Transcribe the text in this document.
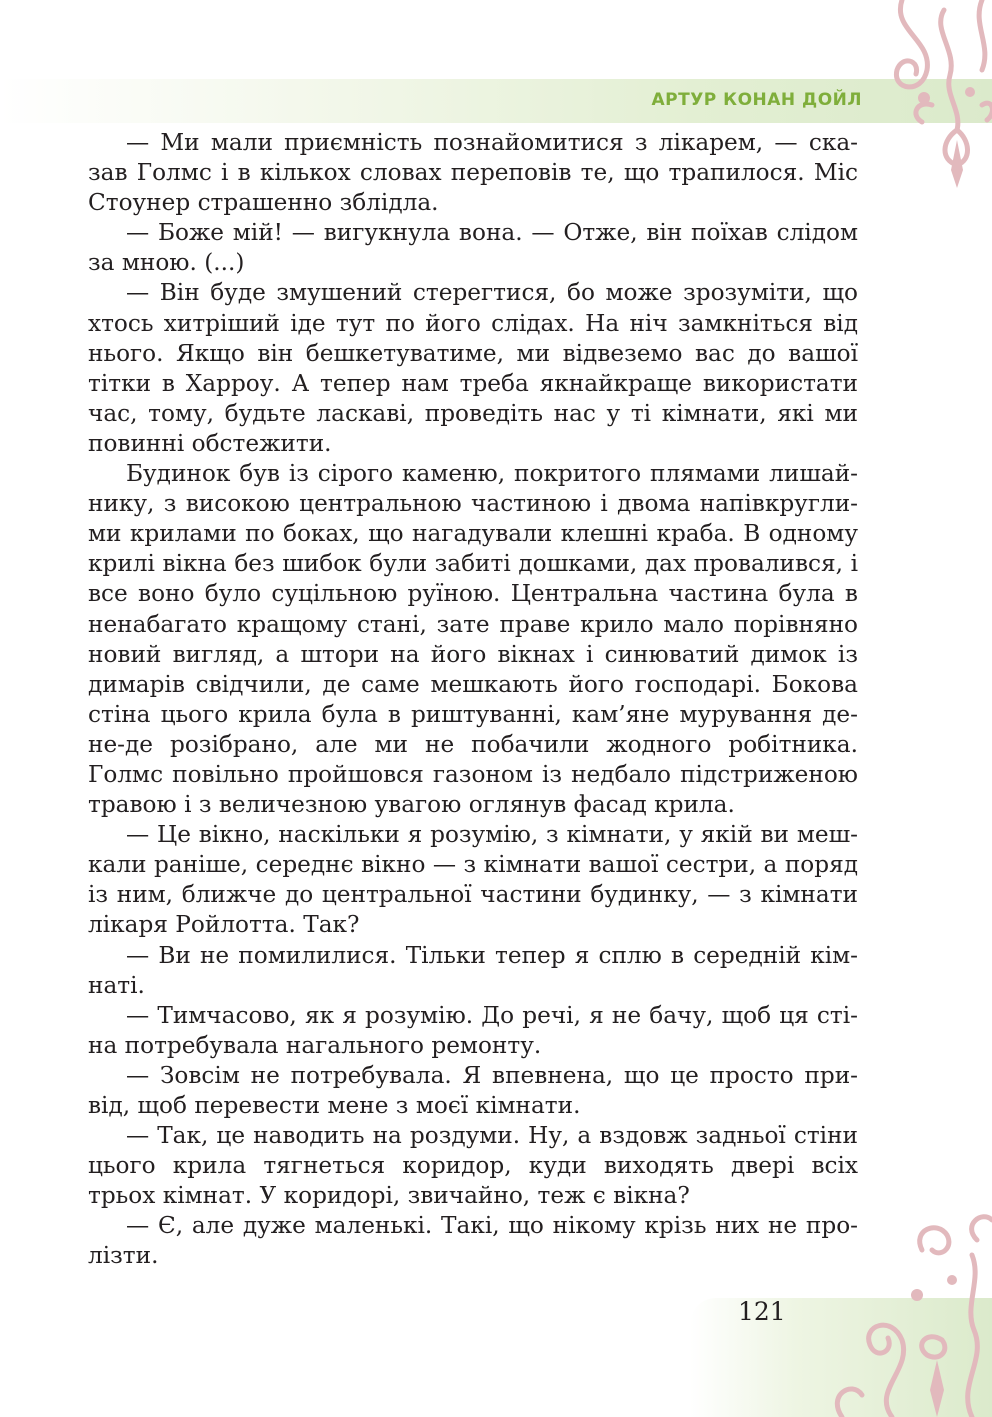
АРТУР КОНАН ДОЙЛ
121

— Ми мали приємність познайомитися з лікарем, — сказав Голмс і в кількох словах переповів те, що трапилося. Міс Стоунер страшенно зблідла.

— Боже мій! — вигукнула вона. — Отже, він поїхав слідом за мною. (...)

— Він буде змушений стерегтися, бо може зрозуміти, що хтось хитріший іде тут по його слідах. На ніч замкніться від нього. Якщо він бешкетуватиме, ми відвеземо вас до вашої тітки в Харроу. А тепер нам треба якнайкраще використати час, тому, будьте ласкаві, проведіть нас у ті кімнати, які ми повинні обстежити.

Будинок був із сірого каменю, покритого плямами лишайнику, з високою центральною частиною і двома напівкруглими крилами по боках, що нагадували клешні краба. В одному крилі вікна без шибок були забиті дошками, дах провалився, і все воно було суцільною руїною. Центральна частина була в ненабагато кращому стані, зате праве крило мало порівняно новий вигляд, а штори на його вікнах і синюватий димок із димарів свідчили, де саме мешкають його господарі. Бокова стіна цього крила була в риштуванні, кам’яне мурування де-не-де розібрано, але ми не побачили жодного робітника. Голмс повільно пройшовся газоном із недбало підстриженою травою і з величезною увагою оглянув фасад крила.

— Це вікно, наскільки я розумію, з кімнати, у якій ви мешкали раніше, середнє вікно — з кімнати вашої сестри, а поряд із ним, ближче до центральної частини будинку, — з кімнати лікаря Ройлотта. Так?

— Ви не помилилися. Тільки тепер я сплю в середній кімнаті.

— Тимчасово, як я розумію. До речі, я не бачу, щоб ця стіна потребувала нагального ремонту.

— Зовсім не потребувала. Я впевнена, що це просто привід, щоб перевести мене з моєї кімнати.

— Так, це наводить на роздуми. Ну, а вздовж задньої стіни цього крила тягнеться коридор, куди виходять двері всіх трьох кімнат. У коридорі, звичайно, теж є вікна?

— Є, але дуже маленькі. Такі, що нікому крізь них не пролізти.
